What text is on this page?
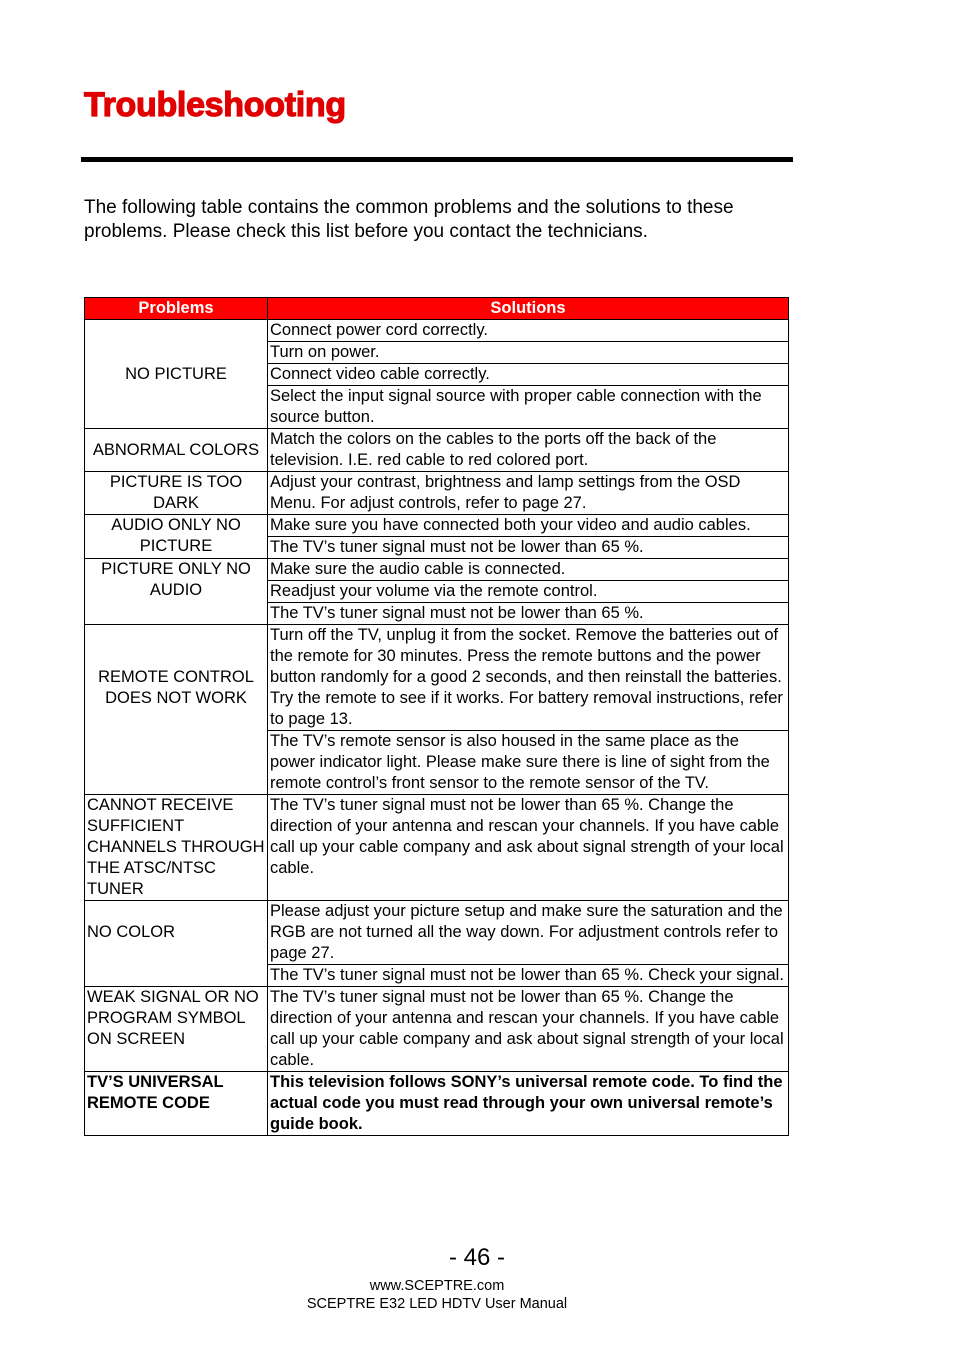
Troubleshooting

The following table contains the common problems and the solutions to these problems. Please check this list before you contact the technicians.

Problems	Solutions
NO PICTURE	Connect power cord correctly.
	Turn on power.
	Connect video cable correctly.
	Select the input signal source with proper cable connection with the source button.
ABNORMAL COLORS	Match the colors on the cables to the ports off the back of the television. I.E. red cable to red colored port.
PICTURE IS TOO DARK	Adjust your contrast, brightness and lamp settings from the OSD Menu. For adjust controls, refer to page 27.
AUDIO ONLY NO PICTURE	Make sure you have connected both your video and audio cables.
	The TV’s tuner signal must not be lower than 65 %.
PICTURE ONLY NO AUDIO	Make sure the audio cable is connected.
	Readjust your volume via the remote control.
	The TV’s tuner signal must not be lower than 65 %.
REMOTE CONTROL DOES NOT WORK	Turn off the TV, unplug it from the socket. Remove the batteries out of the remote for 30 minutes. Press the remote buttons and the power button randomly for a good 2 seconds, and then reinstall the batteries. Try the remote to see if it works. For battery removal instructions, refer to page 13.
	The TV’s remote sensor is also housed in the same place as the power indicator light. Please make sure there is line of sight from the remote control’s front sensor to the remote sensor of the TV.
CANNOT RECEIVE SUFFICIENT CHANNELS THROUGH THE ATSC/NTSC TUNER	The TV’s tuner signal must not be lower than 65 %. Change the direction of your antenna and rescan your channels. If you have cable call up your cable company and ask about signal strength of your local cable.
NO COLOR	Please adjust your picture setup and make sure the saturation and the RGB are not turned all the way down. For adjustment controls refer to page 27.
	The TV’s tuner signal must not be lower than 65 %. Check your signal.
WEAK SIGNAL OR NO PROGRAM SYMBOL ON SCREEN	The TV’s tuner signal must not be lower than 65 %. Change the direction of your antenna and rescan your channels. If you have cable call up your cable company and ask about signal strength of your local cable.
TV’S UNIVERSAL REMOTE CODE	This television follows SONY’s universal remote code. To find the actual code you must read through your own universal remote’s guide book.
- 46 -
www.SCEPTRE.com
SCEPTRE E32 LED HDTV User Manual
